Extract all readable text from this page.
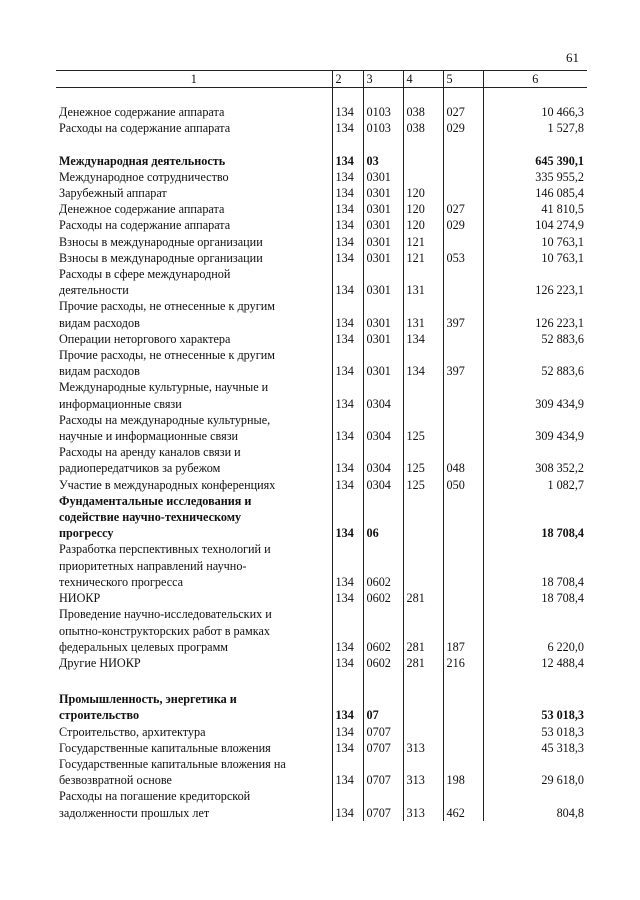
61
1	2	3	4	5	6

Денежное содержание аппарата	134	0103	038	027	10 466,3
Расходы на содержание аппарата	134	0103	038	029	1 527,8

Международная деятельность	134	03			645 390,1
Международное сотрудничество	134	0301			335 955,2
Зарубежный аппарат	134	0301	120		146 085,4
Денежное содержание аппарата	134	0301	120	027	41 810,5
Расходы на содержание аппарата	134	0301	120	029	104 274,9
Взносы в международные организации	134	0301	121		10 763,1
Взносы в международные организации	134	0301	121	053	10 763,1
Расходы в сфере международной
деятельности	134	0301	131		126 223,1
Прочие расходы, не отнесенные к другим
видам расходов	134	0301	131	397	126 223,1
Операции неторгового характера	134	0301	134		52 883,6
Прочие расходы, не отнесенные к другим
видам расходов	134	0301	134	397	52 883,6
Международные культурные, научные и
информационные связи	134	0304			309 434,9
Расходы на международные культурные,
научные и информационные связи	134	0304	125		309 434,9
Расходы на аренду каналов связи и
радиопередатчиков за рубежом	134	0304	125	048	308 352,2
Участие в международных конференциях	134	0304	125	050	1 082,7
Фундаментальные исследования и
содействие научно-техническому
прогрессу	134	06			18 708,4
Разработка перспективных технологий и
приоритетных направлений научно-
технического прогресса	134	0602			18 708,4
НИОКР	134	0602	281		18 708,4
Проведение научно-исследовательских и
опытно-конструкторских работ в рамках
федеральных целевых программ	134	0602	281	187	6 220,0
Другие НИОКР	134	0602	281	216	12 488,4

Промышленность, энергетика и
строительство	134	07			53 018,3
Строительство, архитектура	134	0707			53 018,3
Государственные капитальные вложения	134	0707	313		45 318,3
Государственные капитальные вложения на
безвозвратной основе	134	0707	313	198	29 618,0
Расходы на погашение кредиторской
задолженности прошлых лет	134	0707	313	462	804,8
